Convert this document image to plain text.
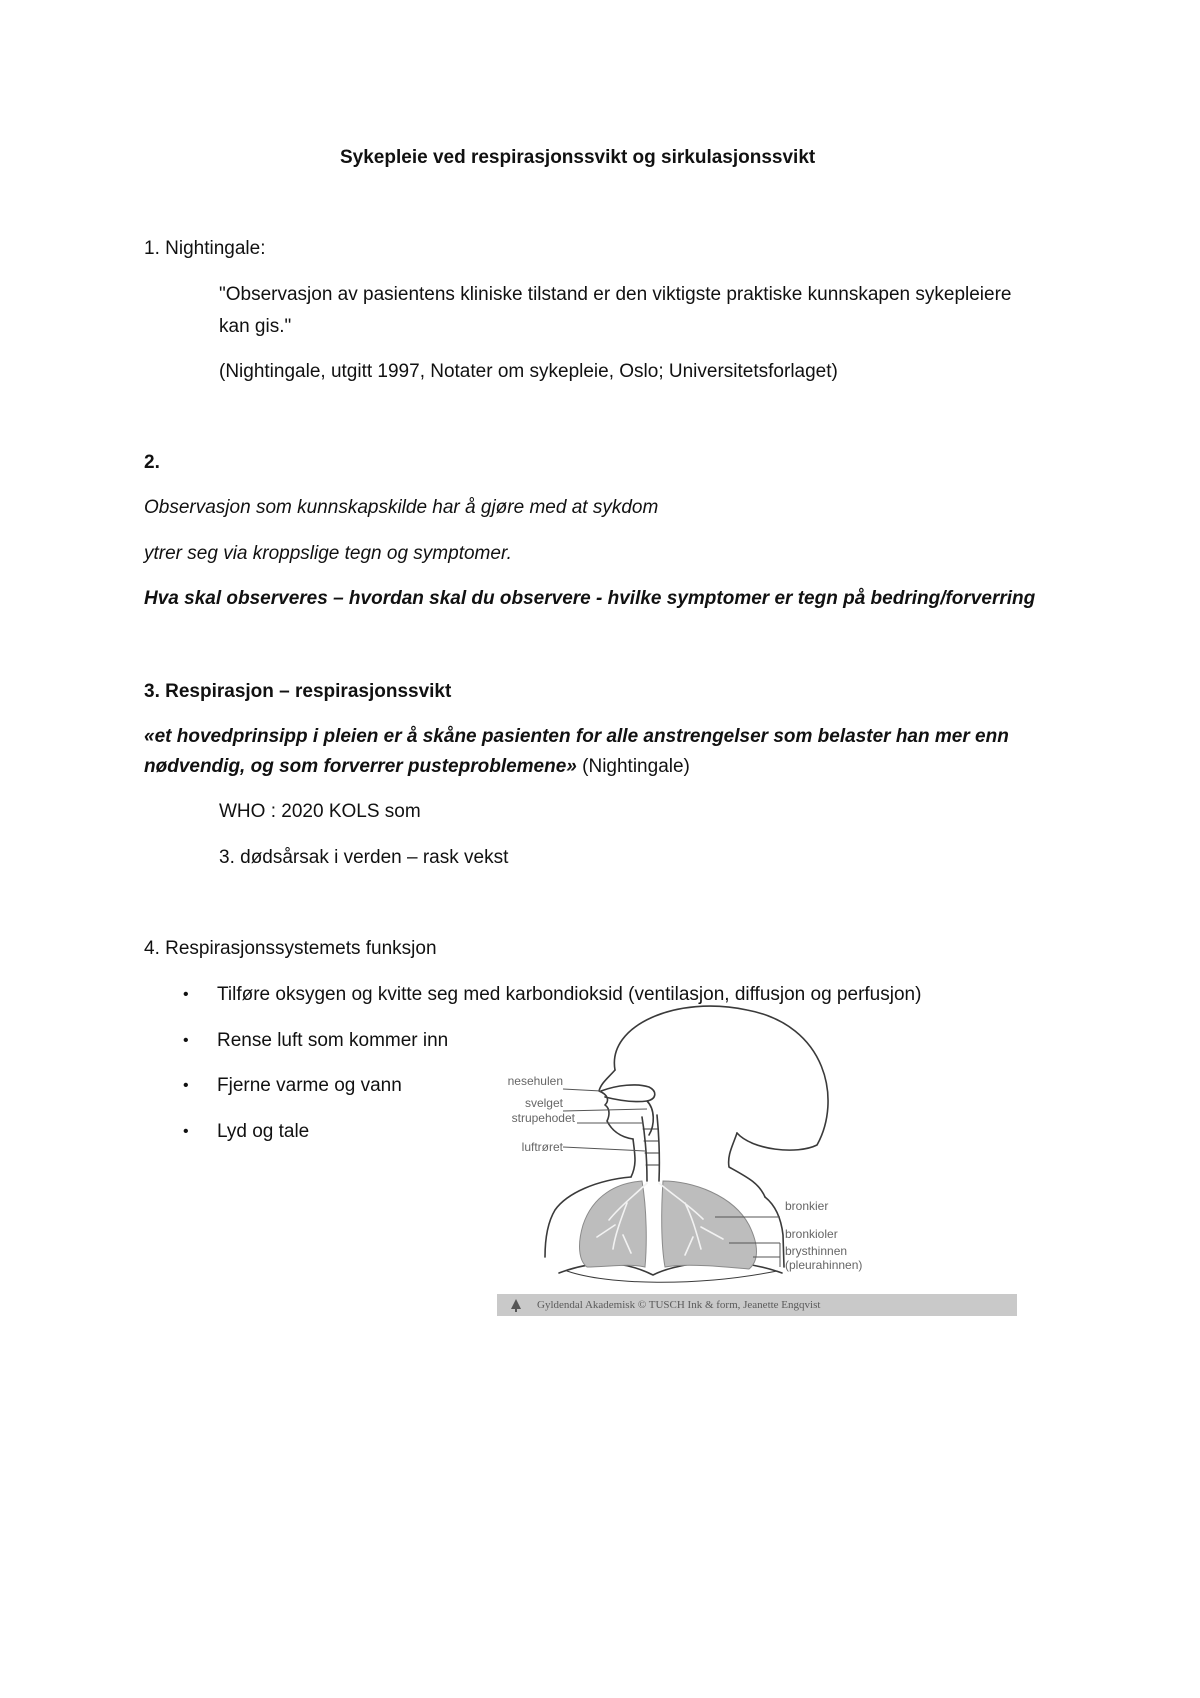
Sykepleie ved respirasjonssvikt og sirkulasjonssvikt
1. Nightingale:
"Observasjon av pasientens kliniske tilstand er den viktigste praktiske kunnskapen sykepleiere
kan gis."
(Nightingale, utgitt 1997, Notater om sykepleie, Oslo; Universitetsforlaget)
2.
Observasjon som kunnskapskilde har å gjøre med at sykdom
ytrer seg via kroppslige tegn og symptomer.
Hva skal observeres – hvordan skal du observere - hvilke symptomer er tegn på bedring/forverring
3. Respirasjon – respirasjonssvikt
«et hovedprinsipp i pleien er å skåne pasienten for alle anstrengelser som belaster han mer enn
nødvendig, og som forverrer pusteproblemene» (Nightingale)
WHO : 2020 KOLS som
3. dødsårsak i verden – rask vekst
4. Respirasjonssystemets funksjon
• Tilføre oksygen og kvitte seg med karbondioksid (ventilasjon, diffusjon og perfusjon)
• Rense luft som kommer inn
• Fjerne varme og vann
• Lyd og tale
nesehulen
svelget
strupehodet
luftrøret
bronkier
bronkioler
brysthinnen
(pleurahinnen)
Gyldendal Akademisk © TUSCH Ink & form, Jeanette Engqvist
